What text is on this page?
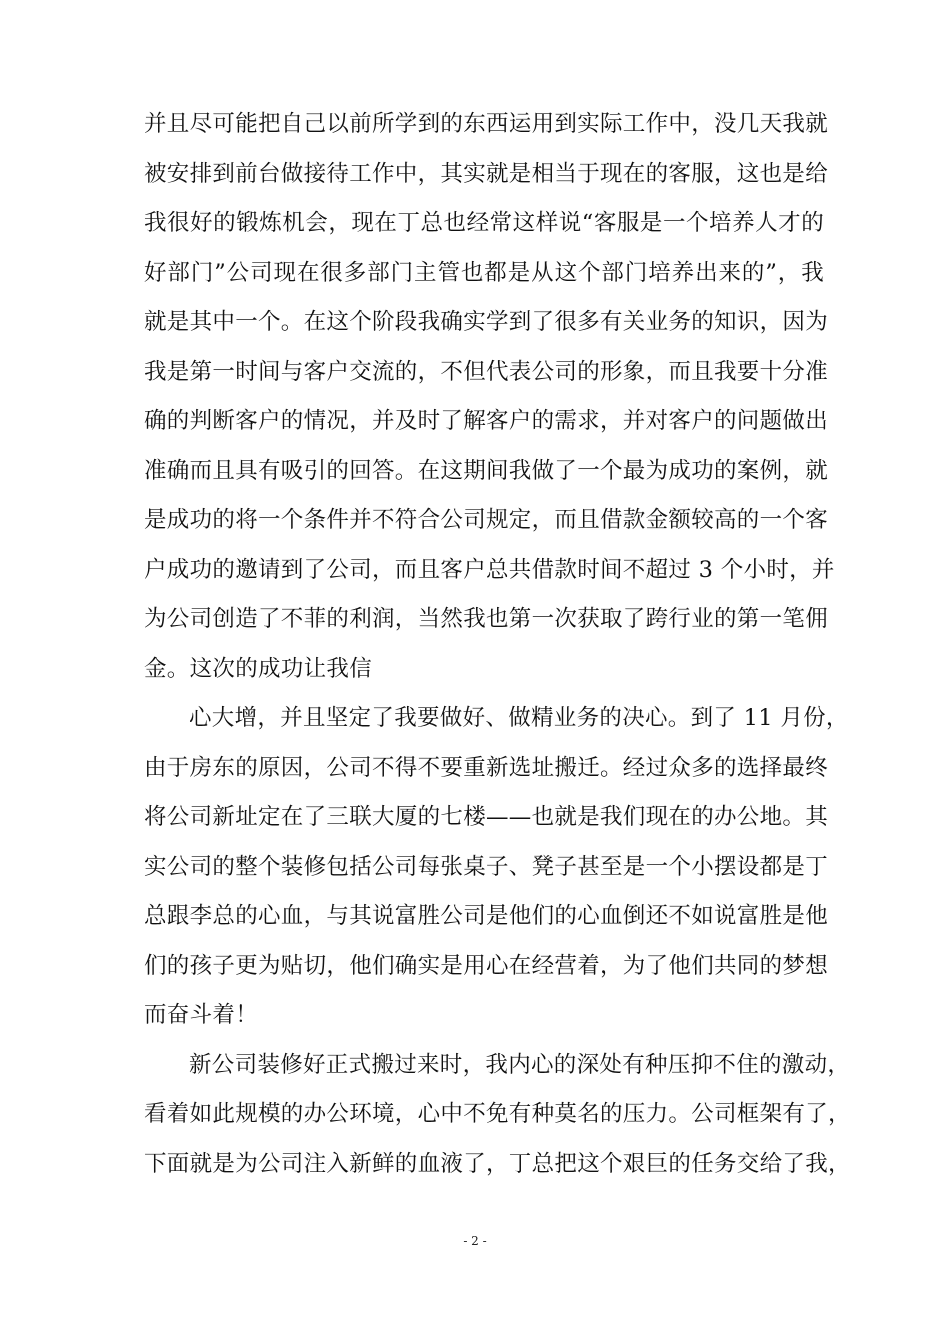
并且尽可能把自己以前所学到的东西运用到实际工作中，没几天我就
被安排到前台做接待工作中，其实就是相当于现在的客服，这也是给
我很好的锻炼机会，现在丁总也经常这样说“客服是一个培养人才的
好部门”公司现在很多部门主管也都是从这个部门培养出来的”，我
就是其中一个。在这个阶段我确实学到了很多有关业务的知识，因为
我是第一时间与客户交流的，不但代表公司的形象，而且我要十分准
确的判断客户的情况，并及时了解客户的需求，并对客户的问题做出
准确而且具有吸引的回答。在这期间我做了一个最为成功的案例，就
是成功的将一个条件并不符合公司规定，而且借款金额较高的一个客
户成功的邀请到了公司，而且客户总共借款时间不超过 3 个小时，并
为公司创造了不菲的利润，当然我也第一次获取了跨行业的第一笔佣
金。这次的成功让我信
心大增，并且坚定了我要做好、做精业务的决心。到了 11 月份，
由于房东的原因，公司不得不要重新选址搬迁。经过众多的选择最终
将公司新址定在了三联大厦的七楼——也就是我们现在的办公地。其
实公司的整个装修包括公司每张桌子、凳子甚至是一个小摆设都是丁
总跟李总的心血，与其说富胜公司是他们的心血倒还不如说富胜是他
们的孩子更为贴切，他们确实是用心在经营着，为了他们共同的梦想
而奋斗着！
新公司装修好正式搬过来时，我内心的深处有种压抑不住的激动，
看着如此规模的办公环境，心中不免有种莫名的压力。公司框架有了，
下面就是为公司注入新鲜的血液了，丁总把这个艰巨的任务交给了我，
- 2 -
